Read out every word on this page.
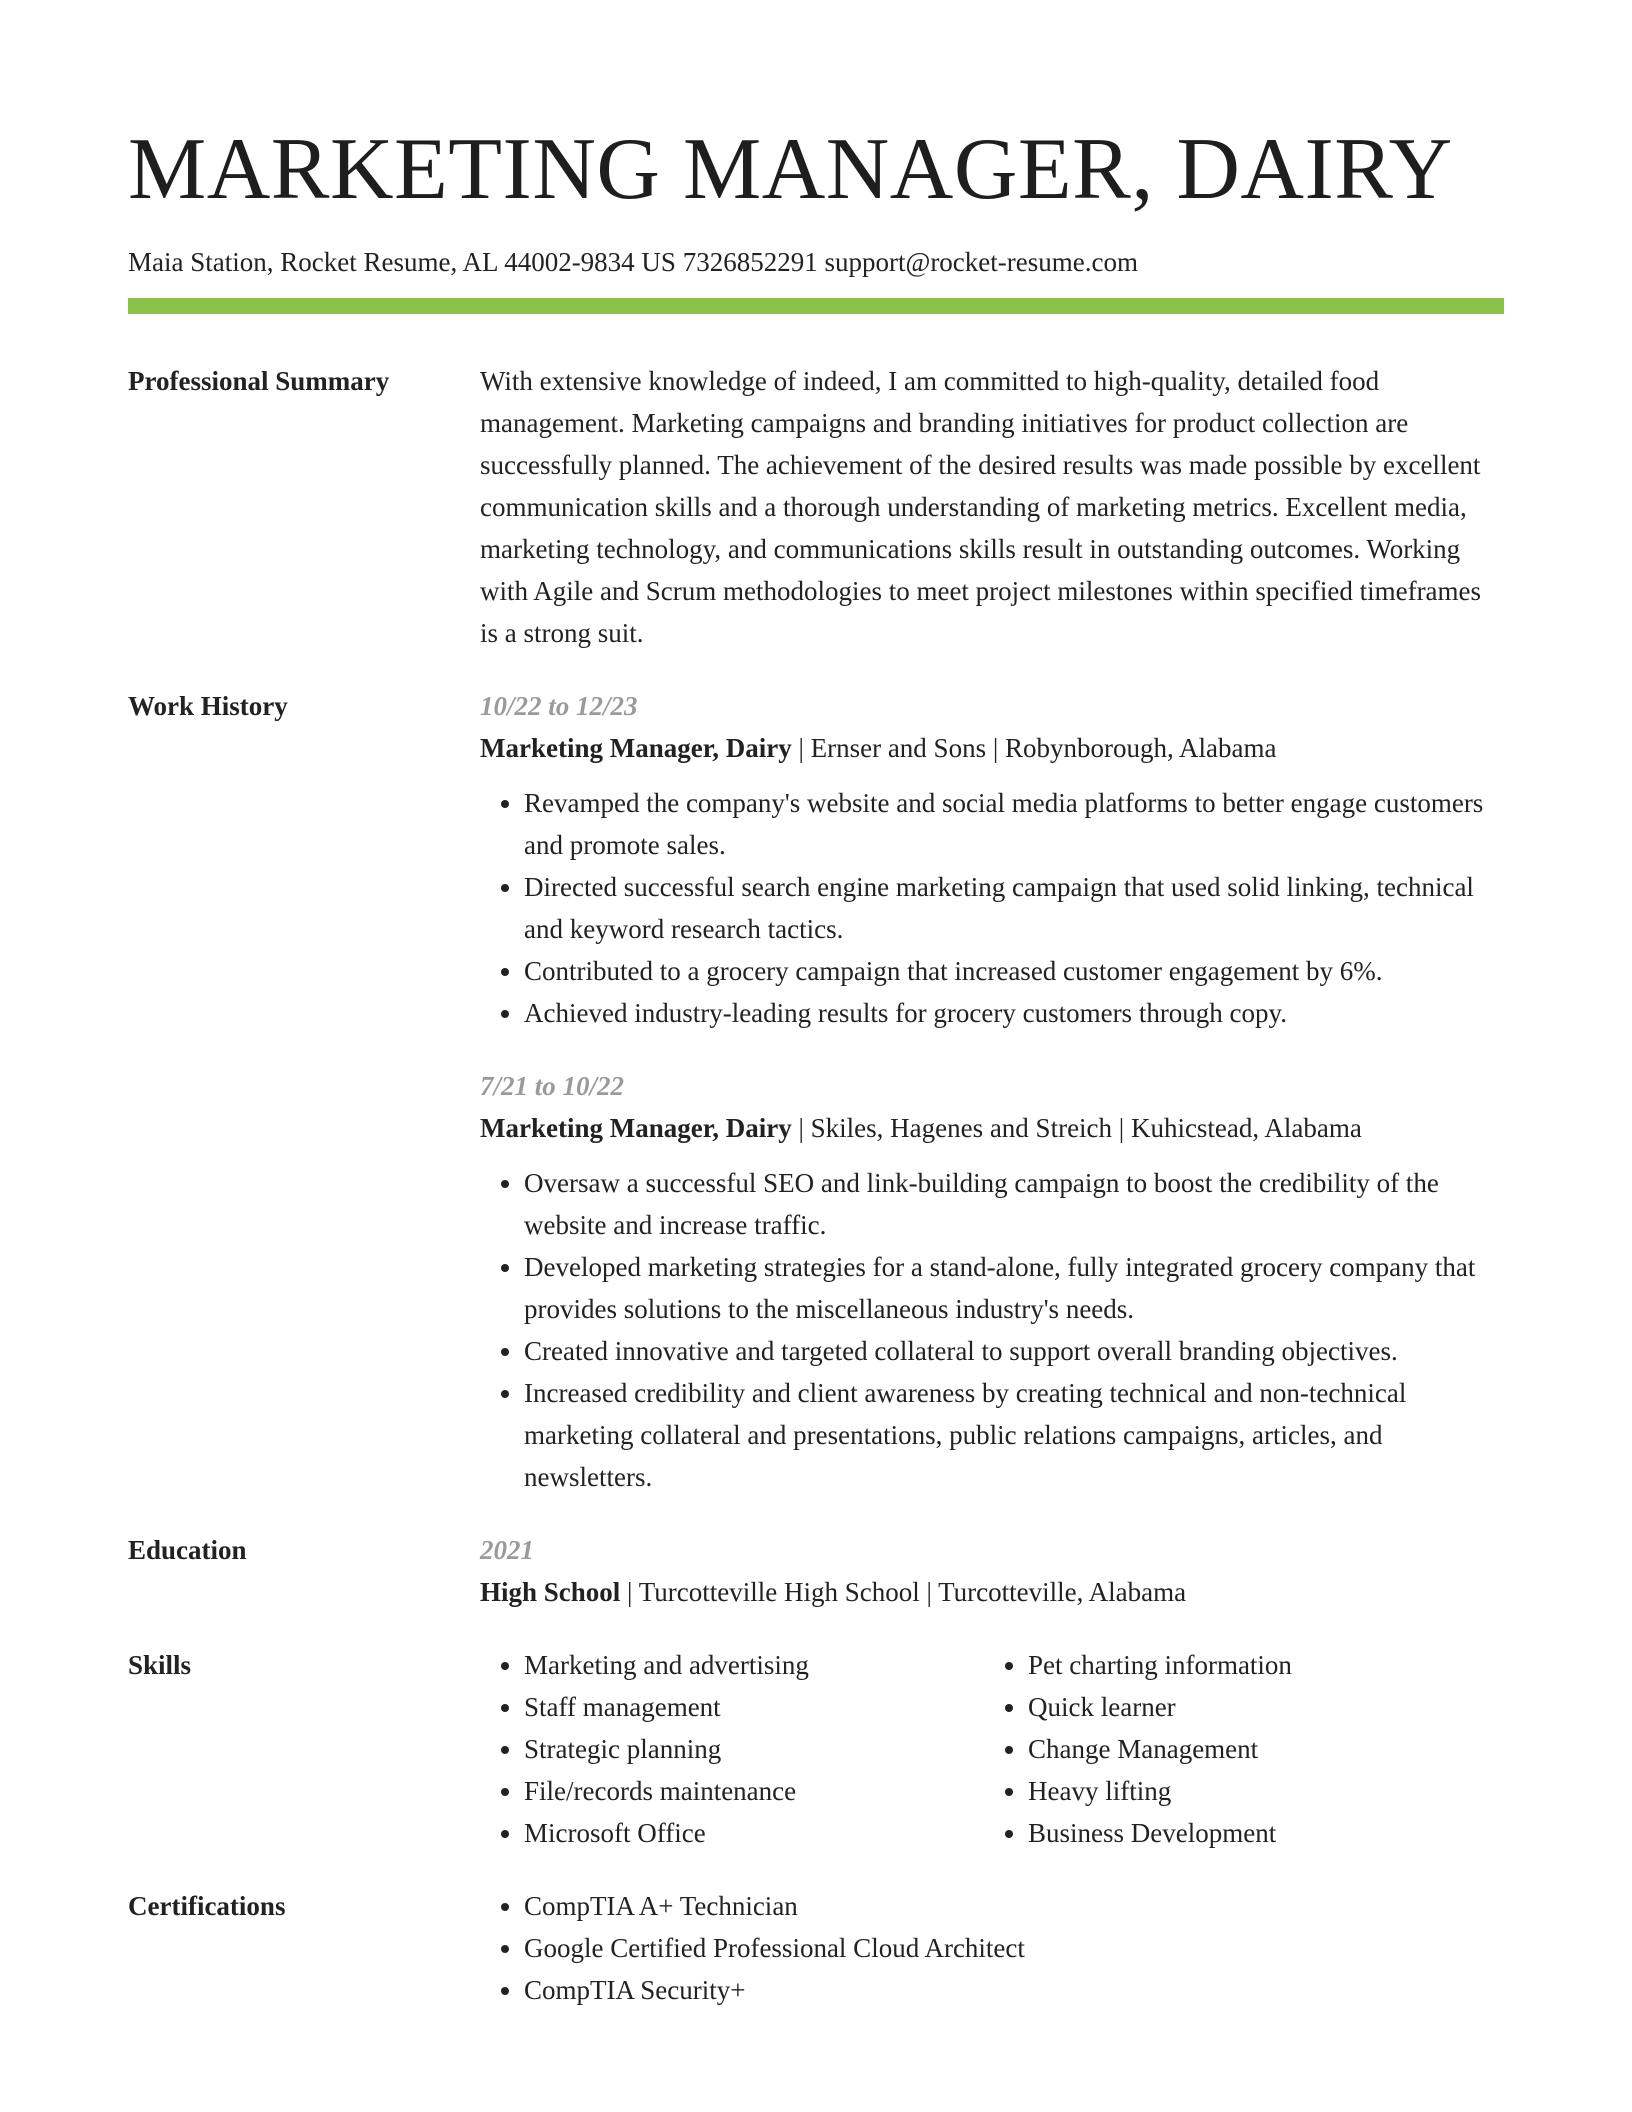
MARKETING MANAGER, DAIRY
Maia Station, Rocket Resume, AL 44002-9834 US 7326852291 support@rocket-resume.com
Professional Summary	With extensive knowledge of indeed, I am committed to high-quality, detailed food management. Marketing campaigns and branding initiatives for product collection are successfully planned. The achievement of the desired results was made possible by excellent communication skills and a thorough understanding of marketing metrics. Excellent media, marketing technology, and communications skills result in outstanding outcomes. Working with Agile and Scrum methodologies to meet project milestones within specified timeframes is a strong suit.

Work History	10/22 to 12/23
Marketing Manager, Dairy | Ernser and Sons | Robynborough, Alabama
• Revamped the company's website and social media platforms to better engage customers and promote sales.
• Directed successful search engine marketing campaign that used solid linking, technical and keyword research tactics.
• Contributed to a grocery campaign that increased customer engagement by 6%.
• Achieved industry-leading results for grocery customers through copy.
7/21 to 10/22
Marketing Manager, Dairy | Skiles, Hagenes and Streich | Kuhicstead, Alabama
• Oversaw a successful SEO and link-building campaign to boost the credibility of the website and increase traffic.
• Developed marketing strategies for a stand-alone, fully integrated grocery company that provides solutions to the miscellaneous industry's needs.
• Created innovative and targeted collateral to support overall branding objectives.
• Increased credibility and client awareness by creating technical and non-technical marketing collateral and presentations, public relations campaigns, articles, and newsletters.
Education	2021
High School | Turcotteville High School | Turcotteville, Alabama
Skills	• Marketing and advertising
• Staff management
• Strategic planning
• File/records maintenance
• Microsoft Office
• Pet charting information
• Quick learner
• Change Management
• Heavy lifting
• Business Development
Certifications	• CompTIA A+ Technician
• Google Certified Professional Cloud Architect
• CompTIA Security+
